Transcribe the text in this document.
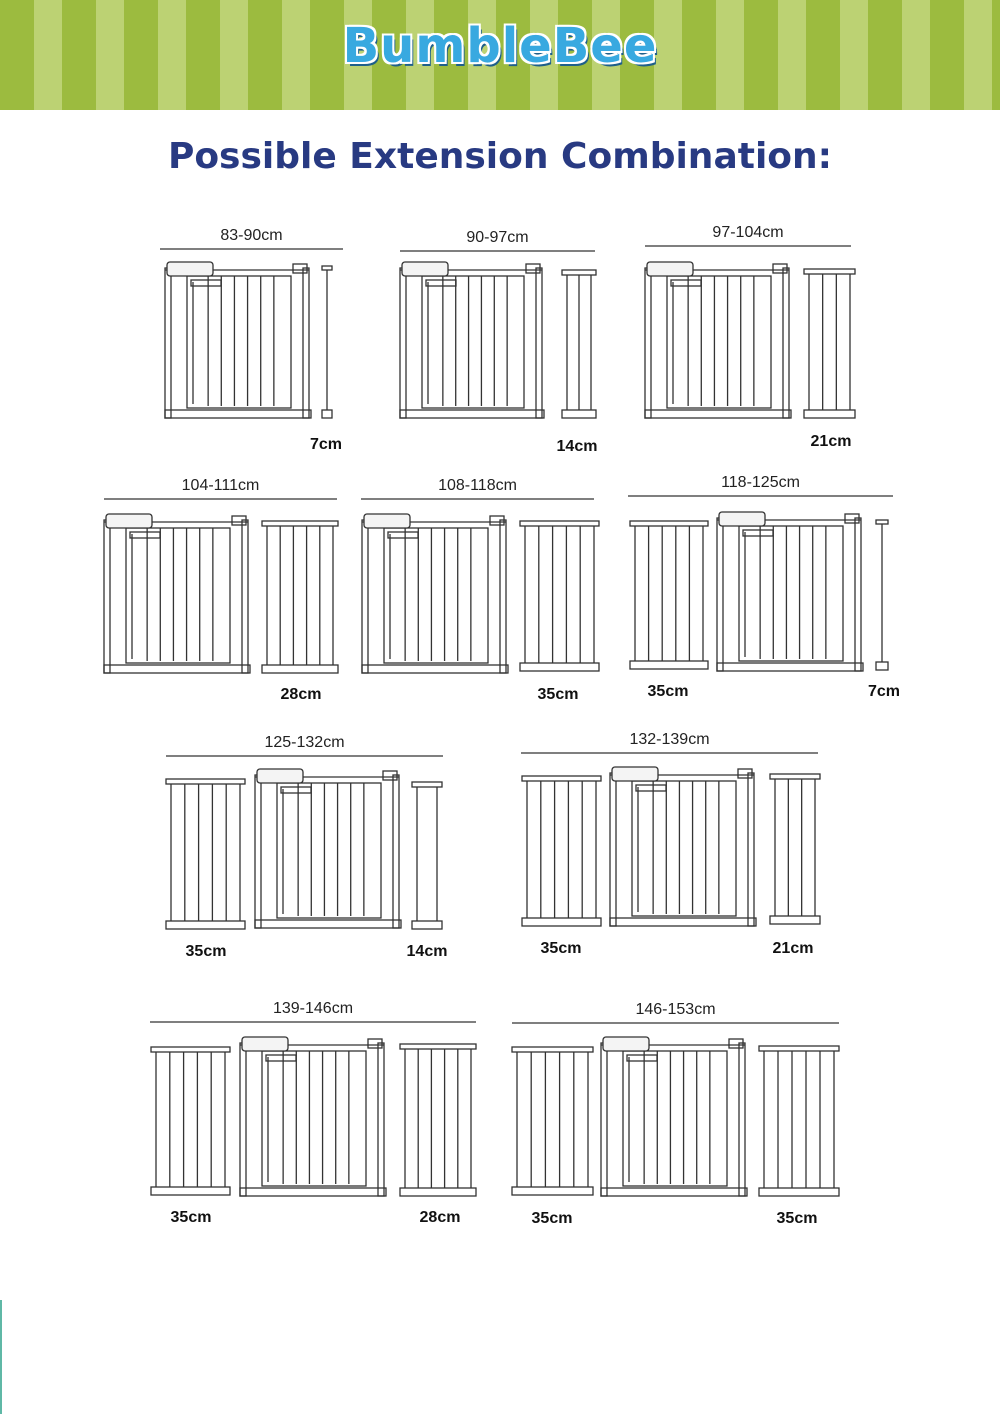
BumbleBee
Possible Extension Combination:
83-90cm
7cm
90-97cm
14cm
97-104cm
21cm
104-111cm
28cm
108-118cm
35cm
118-125cm
35cm	7cm
125-132cm
35cm	14cm
132-139cm
35cm	21cm
139-146cm
35cm	28cm
146-153cm
35cm	35cm
